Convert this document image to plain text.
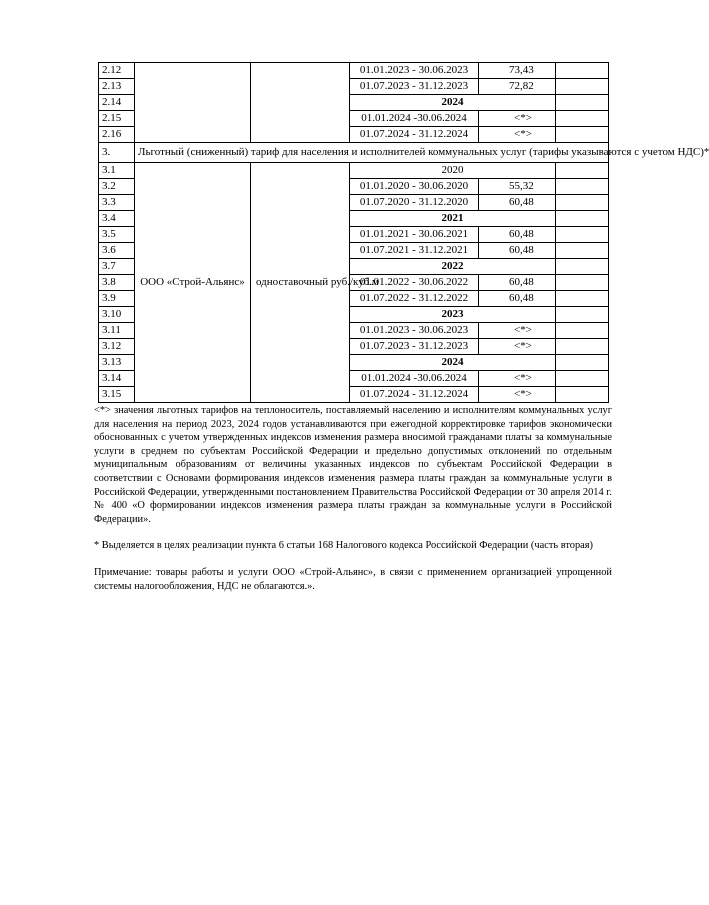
2.12			01.01.2023 - 30.06.2023	73,43	
2.13			01.07.2023 - 31.12.2023	72,82	
2.14			2024		
2.15			01.01.2024 -30.06.2024	<*>	
2.16			01.07.2024 - 31.12.2024	<*>	
3.	Льготный (сниженный) тариф для населения и исполнителей коммунальных услуг (тарифы указываются с учетом НДС)*				
3.1	ООО «Строй-Альянс»	одноставочный руб./куб.м	2020		
3.2			01.01.2020 - 30.06.2020	55,32	
3.3			01.07.2020 - 31.12.2020	60,48	
3.4			2021		
3.5			01.01.2021 - 30.06.2021	60,48	
3.6			01.07.2021 - 31.12.2021	60,48	
3.7			2022		
3.8			01.01.2022 - 30.06.2022	60,48	
3.9			01.07.2022 - 31.12.2022	60,48	
3.10			2023		
3.11			01.01.2023 - 30.06.2023	<*>	
3.12			01.07.2023 - 31.12.2023	<*>	
3.13			2024		
3.14			01.01.2024 -30.06.2024	<*>	
3.15			01.07.2024 - 31.12.2024	<*>	

<*> значения льготных тарифов на теплоноситель, поставляемый населению и исполнителям коммунальных услуг для населения на период 2023, 2024 годов устанавливаются при ежегодной корректировке тарифов экономически обоснованных с учетом утвержденных индексов изменения размера вносимой гражданами платы за коммунальные услуги в среднем по субъектам Российской Федерации и предельно допустимых отклонений по отдельным муниципальным образованиям от величины указанных индексов по субъектам Российской Федерации в соответствии с Основами формирования индексов изменения размера платы граждан за коммунальные услуги в Российской Федерации, утвержденными постановлением Правительства Российской Федерации от 30 апреля 2014 г. № 400 «О формировании индексов изменения размера платы граждан за коммунальные услуги в Российской Федерации».

* Выделяется в целях реализации пункта 6 статьи 168 Налогового кодекса Российской Федерации (часть вторая)

Примечание: товары работы и услуги ООО «Строй-Альянс», в связи с применением организацией упрощенной системы налогообложения, НДС не облагаются.».
